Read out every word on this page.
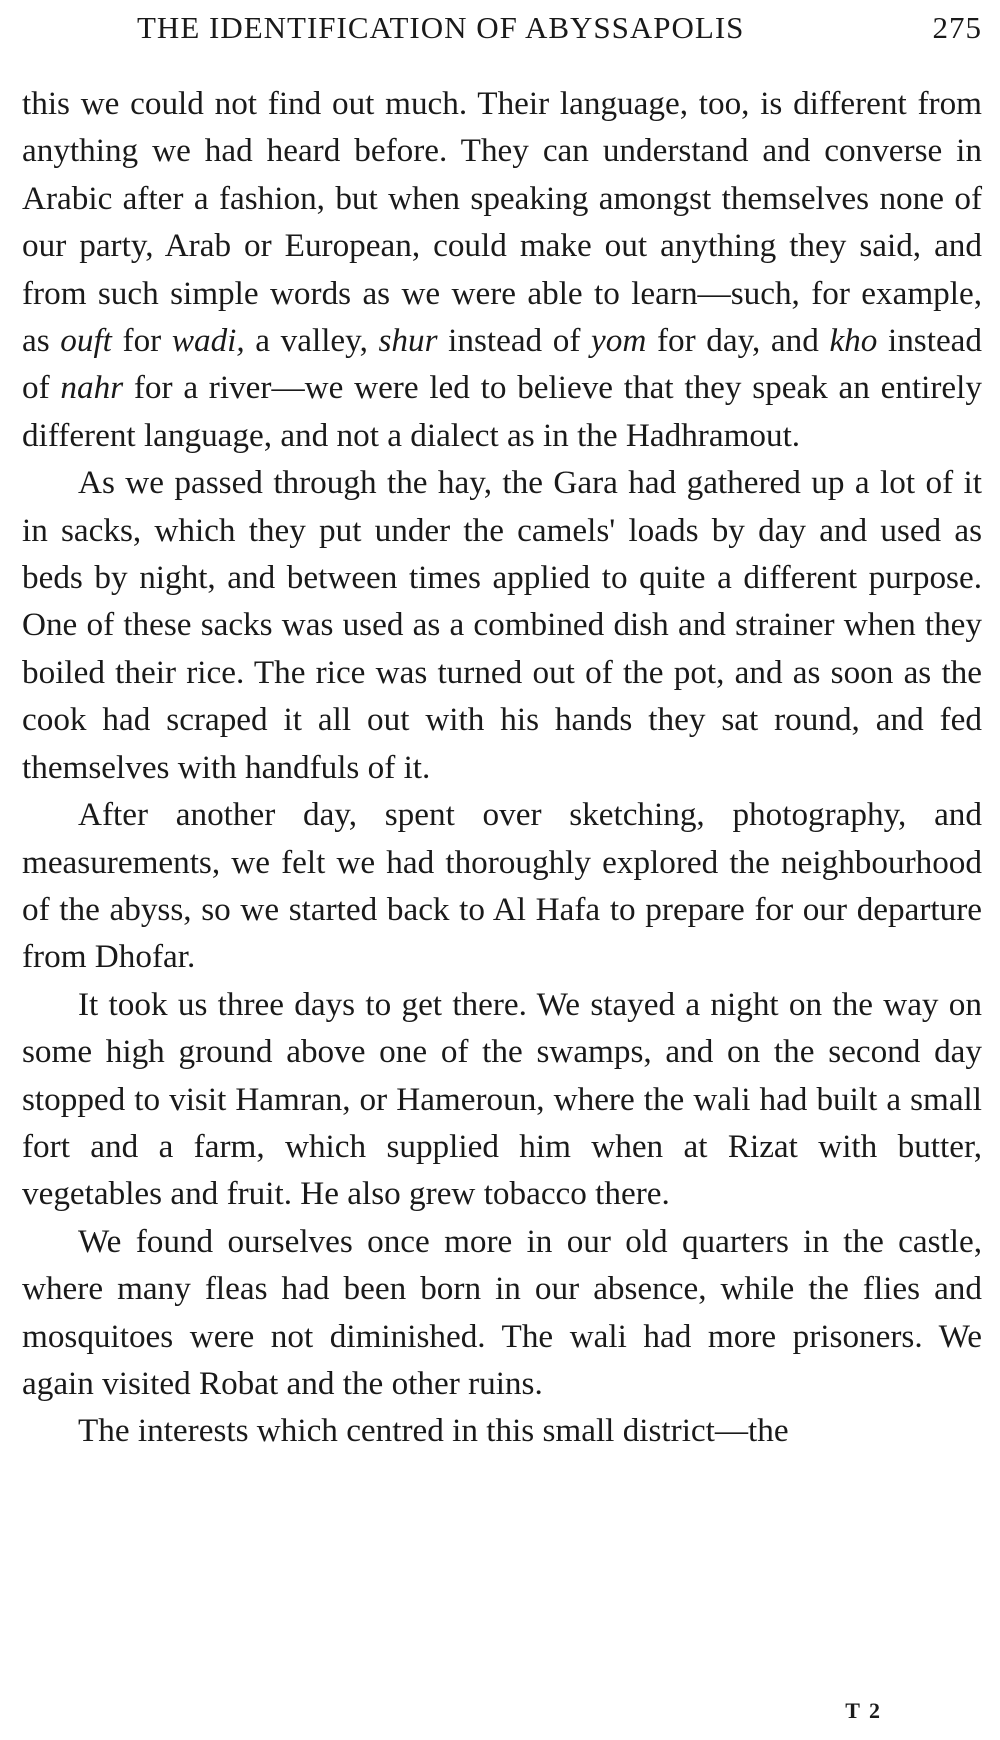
THE IDENTIFICATION OF ABYSSAPOLIS	275

this we could not find out much. Their language, too, is different from anything we had heard before. They can understand and converse in Arabic after a fashion, but when speaking amongst themselves none of our party, Arab or European, could make out anything they said, and from such simple words as we were able to learn—such, for example, as ouft for wadi, a valley, shur instead of yom for day, and kho instead of nahr for a river—we were led to believe that they speak an entirely different language, and not a dialect as in the Hadhramout.

As we passed through the hay, the Gara had gathered up a lot of it in sacks, which they put under the camels' loads by day and used as beds by night, and between times applied to quite a different purpose. One of these sacks was used as a combined dish and strainer when they boiled their rice. The rice was turned out of the pot, and as soon as the cook had scraped it all out with his hands they sat round, and fed themselves with handfuls of it.

After another day, spent over sketching, photography, and measurements, we felt we had thoroughly explored the neighbourhood of the abyss, so we started back to Al Hafa to prepare for our departure from Dhofar.

It took us three days to get there. We stayed a night on the way on some high ground above one of the swamps, and on the second day stopped to visit Hamran, or Hameroun, where the wali had built a small fort and a farm, which supplied him when at Rizat with butter, vegetables and fruit. He also grew tobacco there.

We found ourselves once more in our old quarters in the castle, where many fleas had been born in our absence, while the flies and mosquitoes were not diminished. The wali had more prisoners. We again visited Robat and the other ruins.

The interests which centred in this small district—the

T 2
